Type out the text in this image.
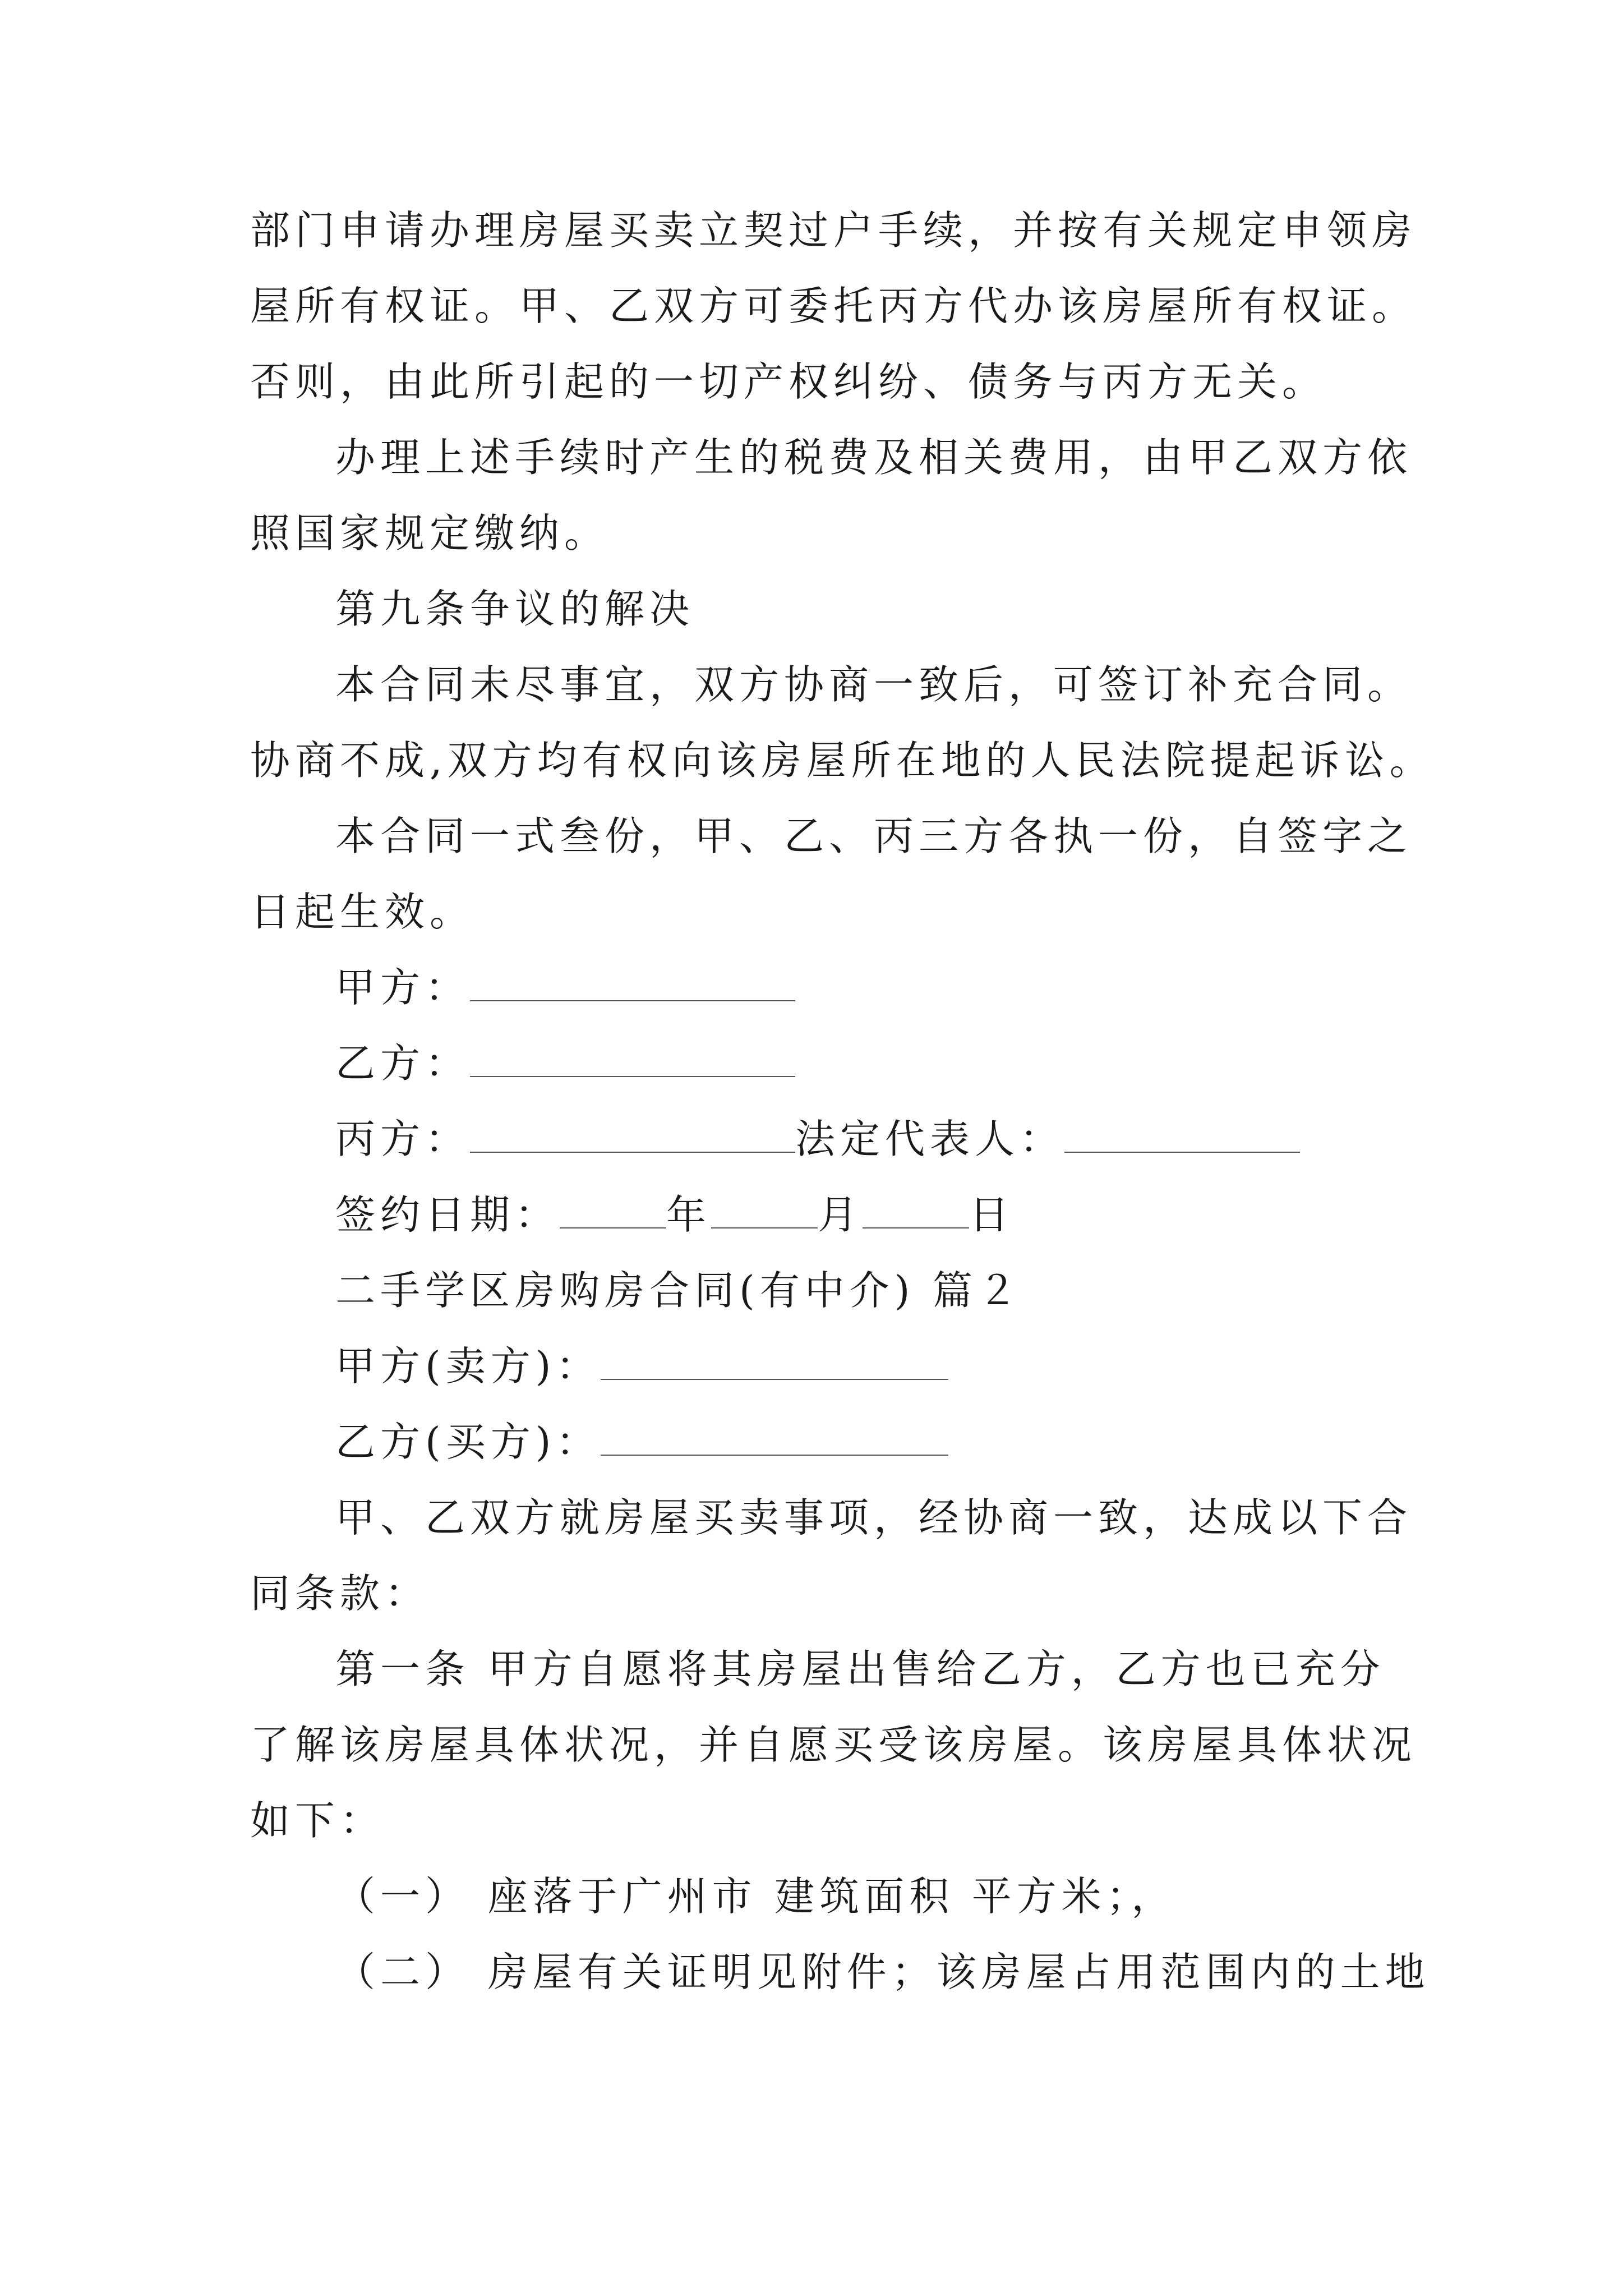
部门申请办理房屋买卖立契过户手续，并按有关规定申领房
屋所有权证。甲、乙双方可委托丙方代办该房屋所有权证。
否则，由此所引起的一切产权纠纷、债务与丙方无关。
办理上述手续时产生的税费及相关费用，由甲乙双方依
照国家规定缴纳。
第九条争议的解决
本合同未尽事宜，双方协商一致后，可签订补充合同。
协商不成,双方均有权向该房屋所在地的人民法院提起诉讼。
本合同一式叁份，甲、乙、丙三方各执一份，自签字之
日起生效。
甲方：
乙方：
丙方：	法定代表人：
签约日期：	年	月	日
二手学区房购房合同(有中介) 篇２
甲方(卖方)：
乙方(买方)：
甲、乙双方就房屋买卖事项，经协商一致，达成以下合
同条款：
第一条 甲方自愿将其房屋出售给乙方，乙方也已充分
了解该房屋具体状况，并自愿买受该房屋。该房屋具体状况
如下：
（一） 座落于广州市 建筑面积 平方米；，
（二） 房屋有关证明见附件；该房屋占用范围内的土地
